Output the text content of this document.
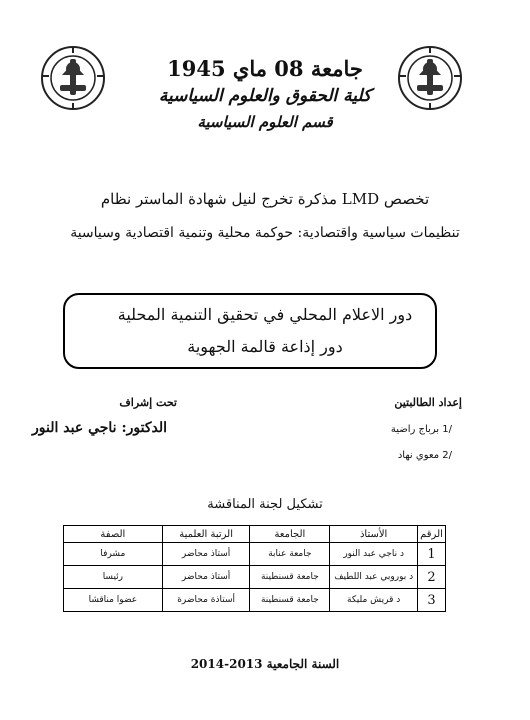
جامعة 08 ماي 1945
كلية الحقوق والعلوم السياسية
قسم العلوم السياسية
مذكرة تخرج لنيل شهادة الماستر نظام LMD تخصص
تنظيمات سياسية واقتصادية: حوكمة محلية وتنمية اقتصادية وسياسية
دور الاعلام المحلي في تحقيق التنمية المحلية
دور إذاعة قالمة الجهوية
إعداد الطالبتين
تحت إشراف
/1 برباج راضية
/2 معوي نهاد
الدكتور: ناجي عبد النور
تشكيل لجنة المناقشة
الرقم	الأستاذ	الجامعة	الرتبة العلمية	الصفة
1	د ناجي عبد النور	جامعة عنابة	أستاذ محاضر	مشرفا
2	د بوروبي عبد اللطيف	جامعة قسنطينة	أستاذ محاضر	رئيسا
3	د قريش مليكة	جامعة قسنطينة	أستاذة محاضرة	عضوا مناقشا
السنة الجامعية 2013-2014
